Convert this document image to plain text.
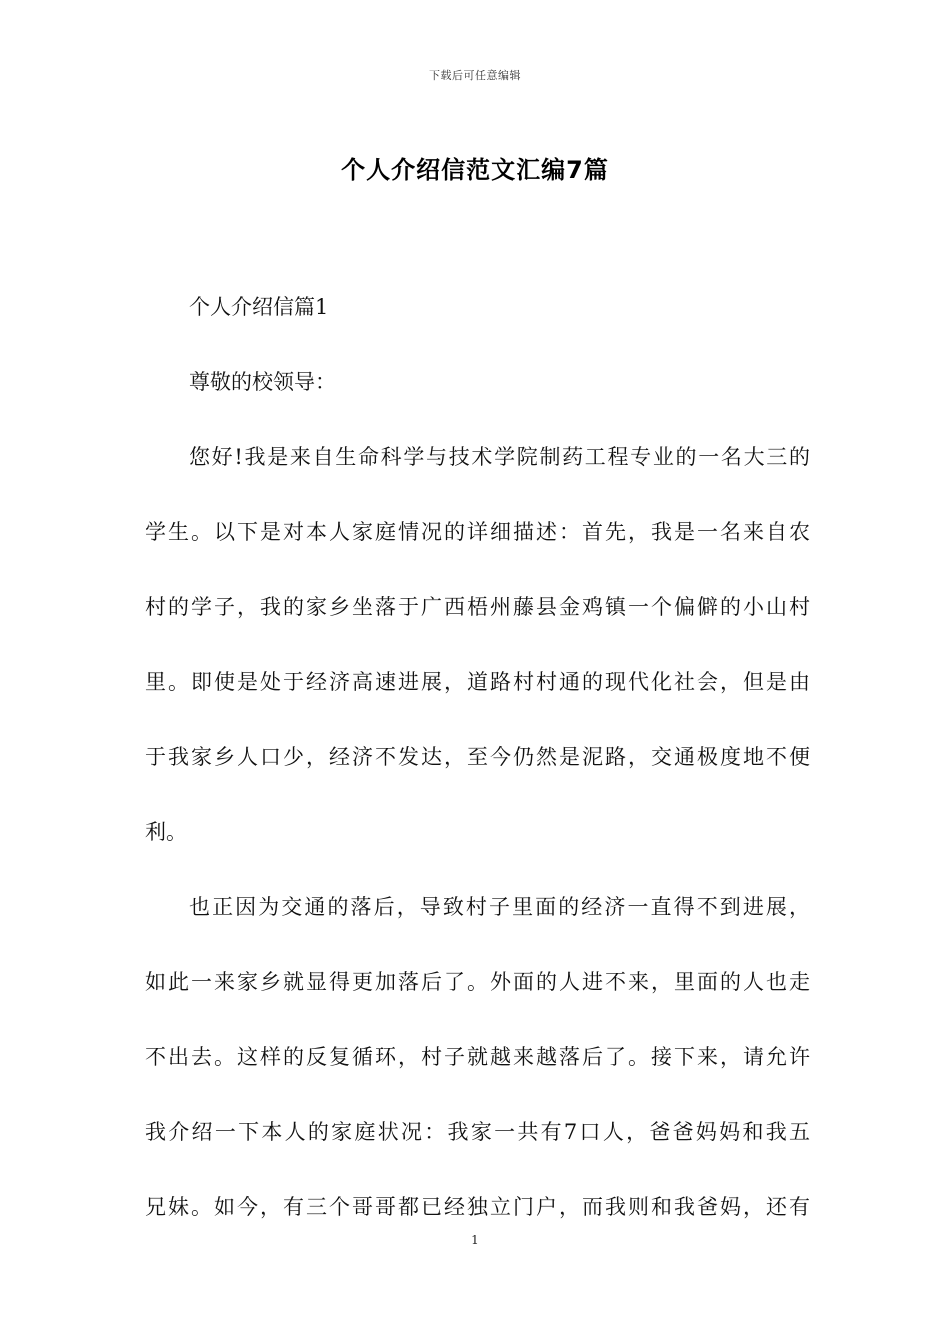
下载后可任意编辑
个人介绍信范文汇编7篇

个人介绍信篇1

尊敬的校领导：

您好!我是来自生命科学与技术学院制药工程专业的一名大三的
学生。以下是对本人家庭情况的详细描述：首先，我是一名来自农
村的学子，我的家乡坐落于广西梧州藤县金鸡镇一个偏僻的小山村
里。即使是处于经济高速进展，道路村村通的现代化社会，但是由
于我家乡人口少，经济不发达，至今仍然是泥路，交通极度地不便
利。
也正因为交通的落后，导致村子里面的经济一直得不到进展，
如此一来家乡就显得更加落后了。外面的人进不来，里面的人也走
不出去。这样的反复循环，村子就越来越落后了。接下来，请允许
我介绍一下本人的家庭状况：我家一共有7口人，爸爸妈妈和我五
兄妹。如今，有三个哥哥都已经独立门户，而我则和我爸妈，还有
1
